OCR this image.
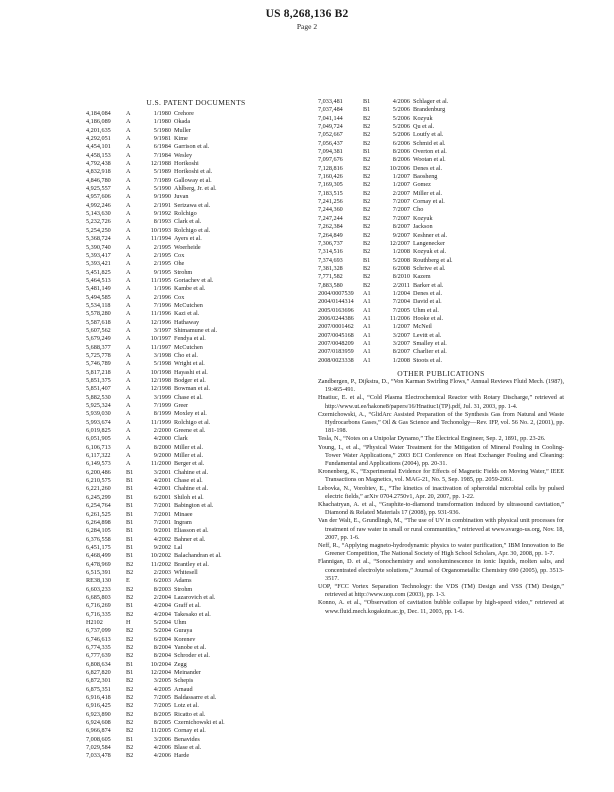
US 8,268,136 B2
Page 2
U.S. PATENT DOCUMENTS
4,184,084	A	1/1980 Crehore
4,186,089	A	1/1980 Okada
4,201,635	A	5/1980 Muller
4,292,051	A	9/1981 Kime
4,454,101	A	6/1984 Garrison et al.
4,458,153	A	7/1984 Wesley
4,792,438	A	12/1988 Horikoshi
4,832,918	A	5/1989 Horikoshi et al.
4,846,780	A	7/1989 Galloway et al.
4,925,557	A	5/1990 Ahlberg, Jr. et al.
4,957,606	A	9/1990 Juvan
4,992,246	A	2/1991 Serizawa et al.
5,143,630	A	9/1992 Rolchigo
5,232,726	A	8/1993 Clark et al.
5,254,250	A	10/1993 Rolchigo et al.
5,368,724	A	11/1994 Ayers et al.
5,390,740	A	2/1995 Woerheide
5,393,417	A	2/1995 Cox
5,393,421	A	2/1995 Ohe
5,451,825	A	9/1995 Strohm
5,464,513	A	11/1995 Goriachev et al.
5,481,149	A	1/1996 Kambe et al.
5,494,585	A	2/1996 Cox
5,534,118	A	7/1996 McCutchen
5,578,280	A	11/1996 Kazi et al.
5,587,618	A	12/1996 Hathaway
5,607,562	A	3/1997 Shimamune et al.
5,679,249	A	10/1997 Fendya et al.
5,688,377	A	11/1997 McCutchen
5,725,778	A	3/1998 Cho et al.
5,746,789	A	5/1998 Wright et al.
5,817,218	A	10/1998 Hayashi et al.
5,851,375	A	12/1998 Bodger et al.
5,851,407	A	12/1998 Bowman et al.
5,882,530	A	3/1999 Chase et al.
5,925,324	A	7/1999 Greer
5,939,030	A	8/1999 Moxley et al.
5,993,674	A	11/1999 Rolchigo et al.
6,019,825	A	2/2000 Greene et al.
6,051,905	A	4/2000 Clark
6,106,713	A	8/2000 Miller et al.
6,117,322	A	9/2000 Miller et al.
6,149,573	A	11/2000 Berger et al.
6,200,486	B1	3/2001 Chahine et al.
6,210,575	B1	4/2001 Chase et al.
6,221,260	B1	4/2001 Chahine et al.
6,245,299	B1	6/2001 Shiloh et al.
6,254,764	B1	7/2001 Babington et al.
6,261,525	B1	7/2001 Minaee
6,264,898	B1	7/2001 Ingram
6,284,105	B1	9/2001 Eliasson et al.
6,376,558	B1	4/2002 Bahner et al.
6,451,175	B1	9/2002 Lal
6,468,499	B1	10/2002 Balachandran et al.
6,478,969	B2	11/2002 Brantley et al.
6,515,391	B2	2/2003 Whitesell
RE38,130	E	6/2003 Adams
6,603,233	B2	8/2003 Strohm
6,685,803	B2	2/2004 Lazarovich et al.
6,716,269	B1	4/2004 Graff et al.
6,716,335	B2	4/2004 Takesako et al.
H2102	H	5/2004 Uhm
6,737,099	B2	5/2004 Guraya
6,746,613	B2	6/2004 Korenev
6,774,335	B2	8/2004 Yanobe et al.
6,777,639	B2	8/2004 Schroder et al.
6,808,634	B1	10/2004 Zegg
6,827,820	B1	12/2004 Meinander
6,872,301	B2	3/2005 Schepis
6,875,351	B2	4/2005 Arnaud
6,916,418	B2	7/2005 Baldassarre et al.
6,916,425	B2	7/2005 Lotz et al.
6,923,890	B2	8/2005 Ricatto et al.
6,924,608	B2	8/2005 Czernichowski et al.
6,966,874	B2	11/2005 Cornay et al.
7,008,605	B1	3/2006 Benavides
7,029,584	B2	4/2006 Blase et al.
7,033,478	B2	4/2006 Harde
7,033,481	B1	4/2006 Schlager et al.
7,037,484	B1	5/2006 Brandenburg
7,041,144	B2	5/2006 Kozyuk
7,049,724	B2	5/2006 Qu et al.
7,052,667	B2	5/2006 Loutfy et al.
7,056,437	B2	6/2006 Schmid et al.
7,094,381	B1	8/2006 Overton et al.
7,097,676	B2	8/2006 Wootan et al.
7,128,816	B2	10/2006 Denes et al.
7,160,426	B2	1/2007 Baosheng
7,169,305	B2	1/2007 Gomez
7,183,515	B2	2/2007 Miller et al.
7,241,256	B2	7/2007 Cornay et al.
7,244,360	B2	7/2007 Cho
7,247,244	B2	7/2007 Kozyuk
7,262,384	B2	8/2007 Jackson
7,264,849	B2	9/2007 Keshner et al.
7,306,737	B2	12/2007 Langenecker
7,314,516	B2	1/2008 Kozyuk et al.
7,374,693	B1	5/2008 Routhberg et al.
7,381,328	B2	6/2008 Schrive et al.
7,771,582	B2	8/2010 Kazem
7,883,580	B2	2/2011 Barker et al.
2004/0007539	A1	1/2004 Denes et al.
2004/0144314	A1	7/2004 David et al.
2005/0163696	A1	7/2005 Uhm et al.
2006/0244386	A1	11/2006 Hooke et al.
2007/0001462	A1	1/2007 McNeil
2007/0045168	A1	3/2007 Levitt et al.
2007/0048209	A1	3/2007 Smalley et al.
2007/0183959	A1	8/2007 Charlier et al.
2008/0023338	A1	1/2008 Stoots et al.
OTHER PUBLICATIONS
Zandbergen, P., Dijkstra, D., “Von Karman Swirling Flows,” Annual Reviews Fluid Mech. (1987), 19:465-491.
Hnatiuc, E. et al., “Cold Plasma Electrochemical Reactor with Rotary Discharge,” retrieved at http://www.ut.ee/hakone8/papers/16/Hnatiuc1(TP).pdf, Jul. 31, 2003, pp. 1-4.
Czernichowski, A., “GlidArc Assisted Preparation of the Synthesis Gas from Natural and Waste Hydrocarbons Gases,” Oil & Gas Science and Techonolgy—Rev. IFP, vol. 56 No. 2, (2001), pp. 181-198.
Tesla, N., “Notes on a Unipolar Dynamo,” The Electrical Engineer, Sep. 2, 1891, pp. 23-26.
Young, I., et al., “Physical Water Treatment for the Mitigation of Mineral Fouling in Cooling-Tower Water Applications,” 2003 ECI Conference on Heat Exchanger Fouling and Cleaning: Fundamental and Applications (2004), pp. 20-31.
Kronenberg, K., “Experimental Evidence for Effects of Magnetic Fields on Moving Water,” IEEE Transactions on Magnetics, vol. MAG-21, No. 5, Sep. 1985, pp. 2059-2061.
Lebovka, N., Vorobiev, E., “The kinetics of inactivation of spheroidal microbial cells by pulsed electric fields,” arXiv 0704.2750v1, Apr. 20, 2007, pp. 1-22.
Khachatryan, A. et al., “Graphite-to-diamond transformation induced by ultrasound cavitation,” Diamond & Related Materials 17 (2008), pp. 931-936.
Van der Walt, E., Grundlingh, M., “The use of UV in combination with physical unit processes for treatment of raw water in small or rural communities,” retrieved at www.svargo-us.org, Nov. 18, 2007, pp. 1-6.
Neff, R., “Applying magneto-hydrodynamic physics to water purification,” IBM Innovation to Be Greener Competition, The National Society of High School Scholars, Apr. 30, 2008, pp. 1-7.
Flannigan, D. et al., “Sonochemistry and sonoluminescence in ionic liquids, molten salts, and concentrated electrolyte solutions,” Journal of Organometallic Chemistry 690 (2005), pp. 3513-3517.
UOP, “FCC Vortex Separation Technology: the VDS (TM) Design and VSS (TM) Design,” retrieved at http://www.uop.com (2003), pp. 1-3.
Konno, A. et al., “Observation of cavitation bubble collapse by high-speed video,” retrieved at www.fluid.mech.kogakuin.ac.jp, Dec. 11, 2003, pp. 1-6.
